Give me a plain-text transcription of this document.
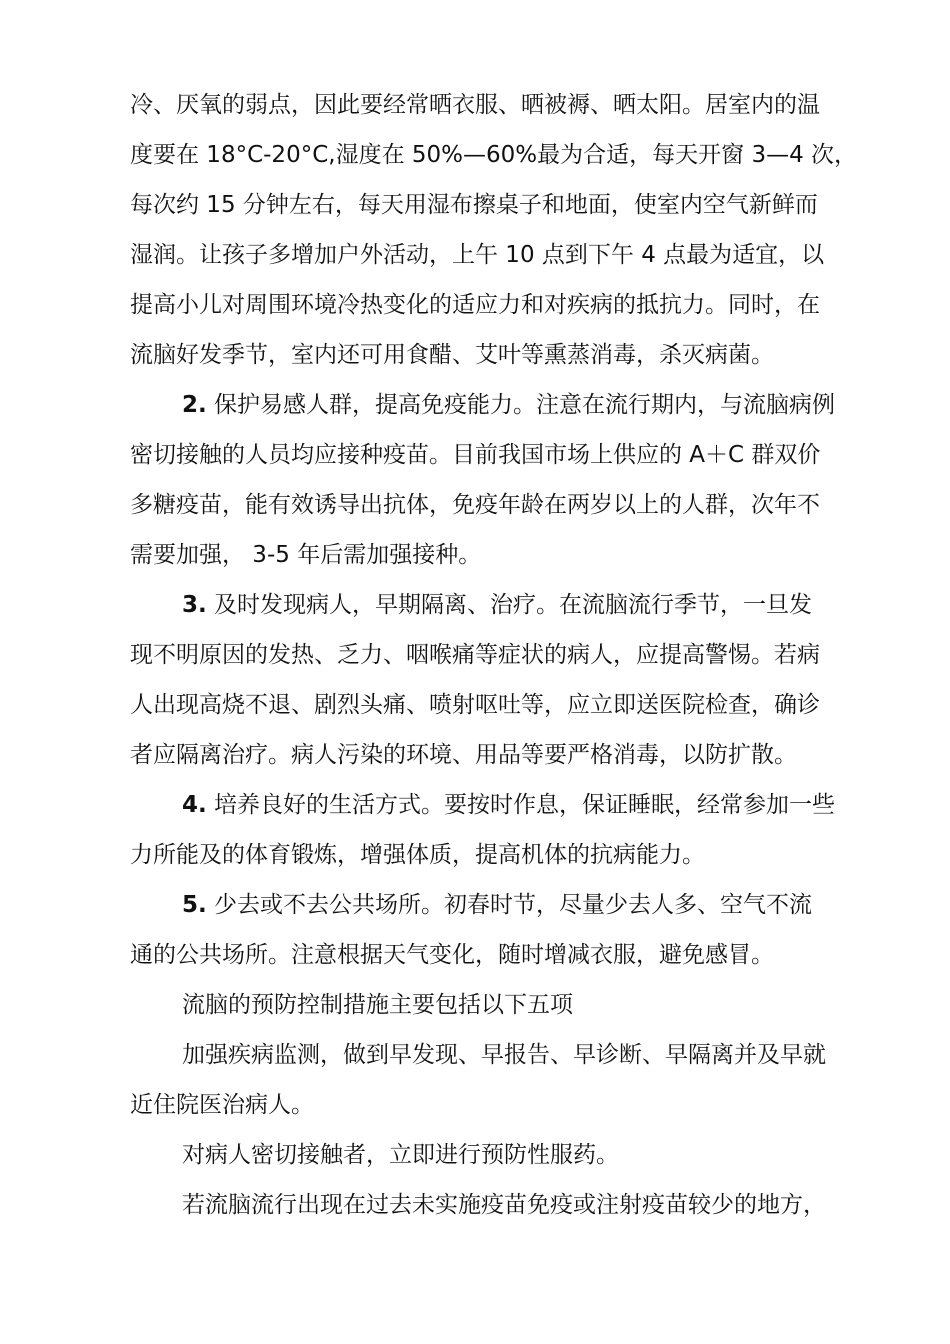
冷、厌氧的弱点，因此要经常晒衣服、晒被褥、晒太阳。居室内的温
度要在 18°C-20°C,湿度在 50%—60%最为合适，每天开窗 3—4 次，
每次约 15 分钟左右，每天用湿布擦桌子和地面，使室内空气新鲜而
湿润。让孩子多增加户外活动，上午 10 点到下午 4 点最为适宜，以
提高小儿对周围环境冷热变化的适应力和对疾病的抵抗力。同时，在
流脑好发季节，室内还可用食醋、艾叶等熏蒸消毒，杀灭病菌。

2. 保护易感人群，提高免疫能力。注意在流行期内，与流脑病例
密切接触的人员均应接种疫苗。目前我国市场上供应的 A＋C 群双价
多糖疫苗，能有效诱导出抗体，免疫年龄在两岁以上的人群，次年不
需要加强， 3-5 年后需加强接种。

3. 及时发现病人，早期隔离、治疗。在流脑流行季节，一旦发
现不明原因的发热、乏力、咽喉痛等症状的病人，应提高警惕。若病
人出现高烧不退、剧烈头痛、喷射呕吐等，应立即送医院检查，确诊
者应隔离治疗。病人污染的环境、用品等要严格消毒，以防扩散。

4. 培养良好的生活方式。要按时作息，保证睡眠，经常参加一些
力所能及的体育锻炼，增强体质，提高机体的抗病能力。

5. 少去或不去公共场所。初春时节，尽量少去人多、空气不流
通的公共场所。注意根据天气变化，随时增减衣服，避免感冒。

流脑的预防控制措施主要包括以下五项

加强疾病监测，做到早发现、早报告、早诊断、早隔离并及早就
近住院医治病人。

对病人密切接触者，立即进行预防性服药。

若流脑流行出现在过去未实施疫苗免疫或注射疫苗较少的地方，
